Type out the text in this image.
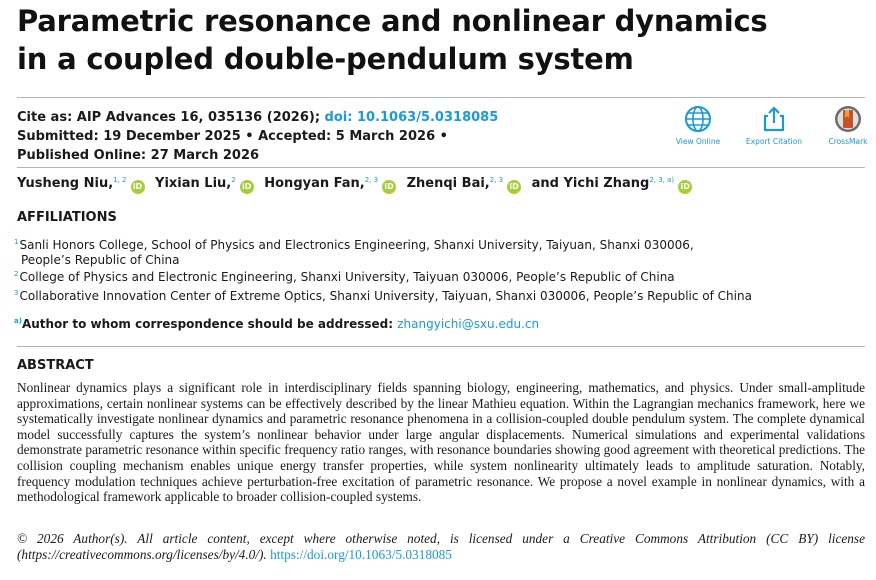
Parametric resonance and nonlinear dynamics
in a coupled double-pendulum system
Cite as: AIP Advances 16, 035136 (2026); doi: 10.1063/5.0318085
Submitted: 19 December 2025 • Accepted: 5 March 2026 •
Published Online: 27 March 2026
View Online	Export Citation	CrossMark
Yusheng Niu,$^{1, 2}$iD Yixian Liu,$^2$iD Hongyan Fan,$^{2, 3}$iD Zhenqi Bai,$^{2, 3}$iD and Yichi Zhang$^{2, 3, a)}$iD
AFFILIATIONS
$^1$Sanli Honors College, School of Physics and Electronics Engineering, Shanxi University, Taiyuan, Shanxi 030006,
People’s Republic of China
$^2$College of Physics and Electronic Engineering, Shanxi University, Taiyuan 030006, People’s Republic of China
$^3$Collaborative Innovation Center of Extreme Optics, Shanxi University, Taiyuan, Shanxi 030006, People’s Republic of China
$^{a)}$Author to whom correspondence should be addressed: zhangyichi@sxu.edu.cn
ABSTRACT
Nonlinear dynamics plays a significant role in interdisciplinary fields spanning biology, engineering, mathematics, and physics. Under small-amplitude approximations, certain nonlinear systems can be effectively described by the linear Mathieu equation. Within the Lagrangian mechanics framework, here we systematically investigate nonlinear dynamics and parametric resonance phenomena in a collision-coupled double pendulum system. The complete dynamical model successfully captures the system’s nonlinear behavior under large angular displacements. Numerical simulations and experimental validations demonstrate parametric resonance within specific frequency ratio ranges, with resonance boundaries showing good agreement with theoretical predictions. The collision coupling mechanism enables unique energy transfer properties, while system nonlinearity ultimately leads to amplitude saturation. Notably, frequency modulation techniques achieve perturbation-free excitation of parametric resonance. We propose a novel example in nonlinear dynamics, with a methodological framework applicable to broader collision-coupled systems.
© 2026 Author(s). All article content, except where otherwise noted, is licensed under a Creative Commons Attribution (CC BY) license (https://creativecommons.org/licenses/by/4.0/). https://doi.org/10.1063/5.0318085
